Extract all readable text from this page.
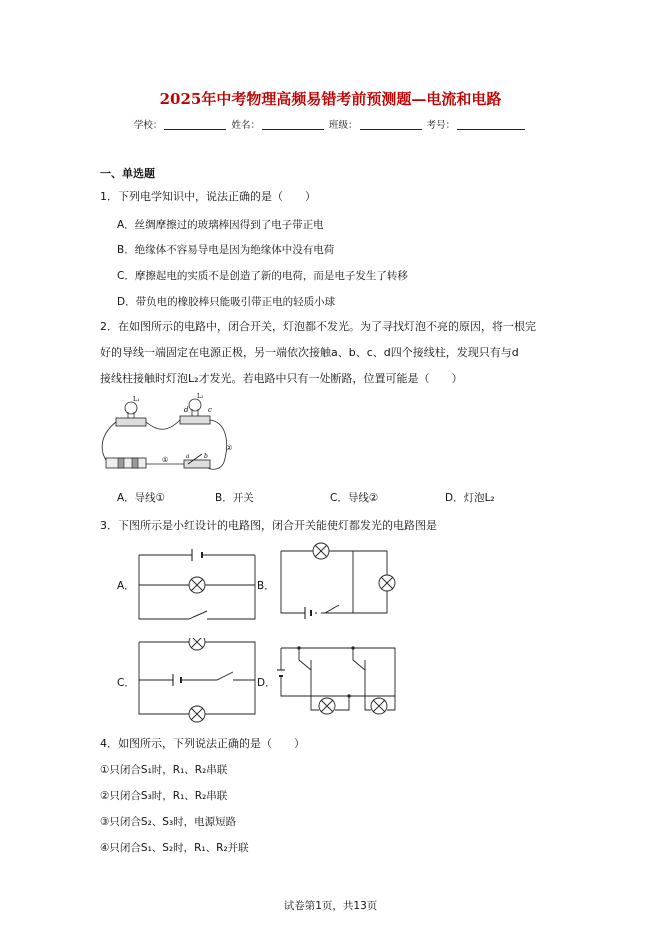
2025年中考物理高频易错考前预测题—电流和电路
学校：	姓名：	班级：	考号：
一、单选题
1．下列电学知识中，说法正确的是（　　）
A．丝绸摩擦过的玻璃棒因得到了电子带正电
B．绝缘体不容易导电是因为绝缘体中没有电荷
C．摩擦起电的实质不是创造了新的电荷，而是电子发生了转移
D．带负电的橡胶棒只能吸引带正电的轻质小球
2．在如图所示的电路中，闭合开关，灯泡都不发光。为了寻找灯泡不亮的原因，将一根完
好的导线一端固定在电源正极，另一端依次接触a、b、c、d四个接线柱，发现只有与d
接线柱接触时灯泡L₂才发光。若电路中只有一处断路，位置可能是（　　）
L₁	L₂
d	c
②
a b
①
A．导线①	B．开关	C．导线②	D．灯泡L₂
3．下图所示是小红设计的电路图，闭合开关能使灯都发光的电路图是
A．	B．
C．	D．
4．如图所示，下列说法正确的是（　　）
①只闭合S₁时，R₁、R₂串联
②只闭合S₃时，R₁、R₂串联
③只闭合S₂、S₃时，电源短路
④只闭合S₁、S₂时，R₁、R₂并联
试卷第1页，共13页
